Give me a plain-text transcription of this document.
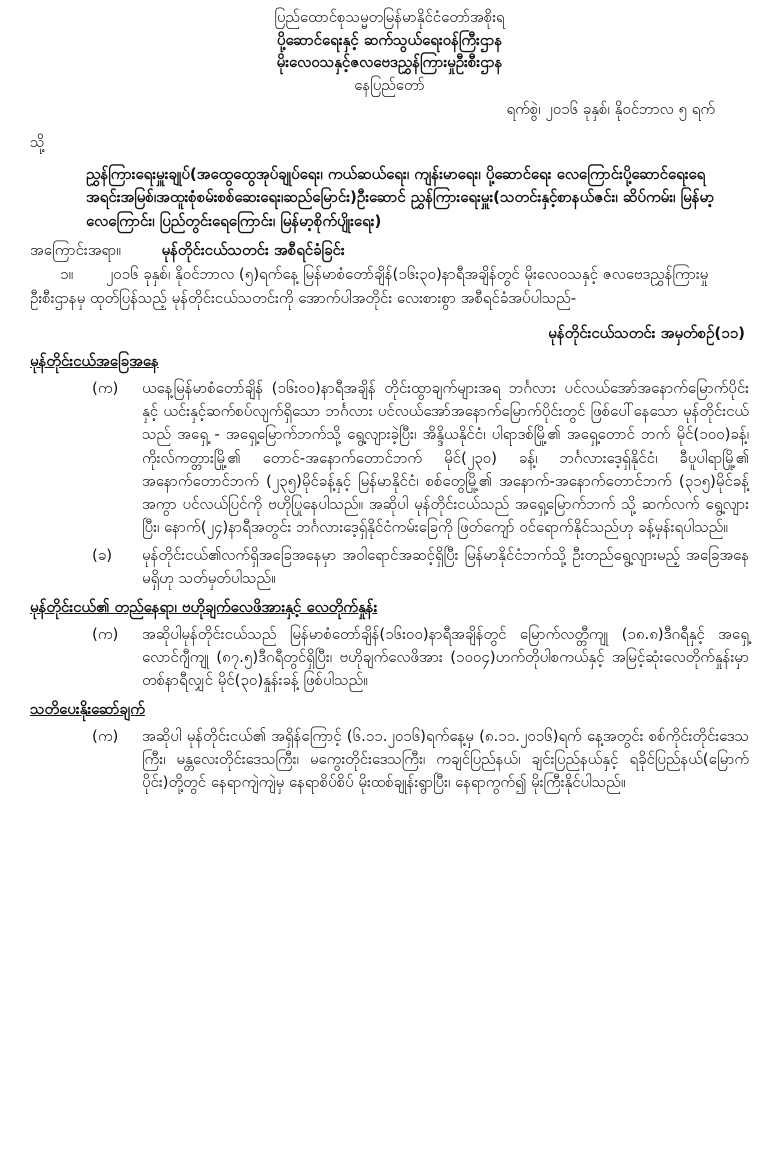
ပြည်ထောင်စုသမ္မတမြန်မာနိုင်ငံတော်အစိုးရ
ပို့ဆောင်ရေးနှင့် ဆက်သွယ်ရေးဝန်ကြီးဌာန
မိုးလေဝသနှင့်ဇလဗေဒညွှန်ကြားမှုဦးစီးဌာန
နေပြည်တော်
ရက်စွဲ၊ ၂၀၁၆ ခုနှစ်၊ နိုဝင်ဘာလ ၅ ရက်
သို့
ညွှန်ကြားရေးမှူးချုပ်(အထွေထွေအုပ်ချုပ်ရေး၊ ကယ်ဆယ်ရေး၊ ကျန်းမာရေး၊ ပို့ဆောင်ရေး လေကြောင်းပို့ဆောင်ရေးရေအရင်းအမြစ်၊အထူးစုံစမ်းစစ်ဆေးရေး၊ဆည်မြောင်း)ဦးဆောင် ညွှန်ကြားရေးမှူး(သတင်းနှင့်စာနယ်ဇင်း၊ ဆိပ်ကမ်း၊ မြန်မာ့လေကြောင်း၊ ပြည်တွင်းရေကြောင်း၊ မြန်မာ့စိုက်ပျိုးရေး)
အကြောင်းအရာ။	မုန်တိုင်းငယ်သတင်း အစီရင်ခံခြင်း
၁။ ၂၀၁၆ ခုနှစ်၊ နိုဝင်ဘာလ (၅)ရက်နေ့ မြန်မာစံတော်ချိန်(၁၆း၃၀)နာရီအချိန်တွင် မိုးလေဝသနှင့် ဇလဗေဒညွှန်ကြားမှုဦးစီးဌာနမှ ထုတ်ပြန်သည့် မုန်တိုင်းငယ်သတင်းကို အောက်ပါအတိုင်း လေးစားစွာ အစီရင်ခံအပ်ပါသည်-
မုန်တိုင်းငယ်သတင်း အမှတ်စဉ်(၁၁)
မုန်တိုင်းငယ်အခြေအနေ
(က)	ယနေ့မြန်မာစံတော်ချိန် (၁၆း၀၀)နာရီအချိန် တိုင်းထွာချက်များအရ ဘင်္ဂလား ပင်လယ်အော်အနောက်မြောက်ပိုင်းနှင့် ယင်းနှင့်ဆက်စပ်လျက်ရှိသော ဘင်္ဂလား ပင်လယ်အော်အနောက်မြောက်ပိုင်းတွင် ဖြစ်ပေါ်နေသော မုန်တိုင်းငယ်သည် အရှေ့ - အရှေ့မြောက်ဘက်သို့ ရွေ့လျားခဲ့ပြီး၊ အိန္ဒိယနိုင်ငံ၊ ပါရာဒစ်မြို့၏ အရှေ့တောင် ဘက် မိုင်(၁၀၀)ခန့်၊ ကိုးလ်ကတ္တားမြို့၏ တောင်-အနောက်တောင်ဘက် မိုင်(၂၃၀) ခန့်၊ ဘင်္ဂလားဒေ့ရှ်နိုင်ငံ၊ ခီပူပါရာမြို့၏ အနောက်တောင်ဘက် (၂၃၅)မိုင်ခန့်နှင့် မြန်မာနိုင်ငံ၊ စစ်တွေမြို့၏ အနောက်-အနောက်တောင်ဘက် (၃၁၅)မိုင်ခန့်အကွာ ပင်လယ်ပြင်ကို ဗဟိုပြုနေပါသည်။ အဆိုပါ မုန်တိုင်းငယ်သည် အရှေ့မြောက်ဘက် သို့ ဆက်လက် ရွေ့လျားပြီး၊ နောက်(၂၄)နာရီအတွင်း ဘင်္ဂလားဒေ့ရှ်နိုင်ငံကမ်းခြေကို ဖြတ်ကျော် ဝင်ရောက်နိုင်သည်ဟု ခန့်မှန်းရပါသည်။
(ခ)	မုန်တိုင်းငယ်၏လက်ရှိအခြေအနေမှာ အဝါရောင်အဆင့်ရှိပြီး မြန်မာနိုင်ငံဘက်သို့ ဦးတည်ရွေ့လျားမည့် အခြေအနေမရှိဟု သတ်မှတ်ပါသည်။
မုန်တိုင်းငယ်၏ တည်နေရာ၊ ဗဟိုချက်လေဖိအားနှင့် လေတိုက်နှုန်း
(က)	အဆိုပါမုန်တိုင်းငယ်သည် မြန်မာစံတော်ချိန်(၁၆း၀၀)နာရီအချိန်တွင် မြောက်လတ္တီကျု (၁၈.၈)ဒီဂရီနှင့် အရှေ့လောင်ဂျီကျု (၈၇.၅)ဒီဂရီတွင်ရှိပြီး၊ ဗဟိုချက်လေဖိအား (၁၀၀၄)ဟက်တိုပါစကယ်နှင့် အမြင့်ဆုံးလေတိုက်နှုန်းမှာ တစ်နာရီလျှင် မိုင်(၃၀)နှုန်းခန့် ဖြစ်ပါသည်။
သတိပေးနိုးဆော်ချက်
(က)	အဆိုပါ မုန်တိုင်းငယ်၏ အရှိန်ကြောင့် (၆.၁၁.၂၀၁၆)ရက်နေ့မှ (၈.၁၁.၂၀၁၆)ရက် နေ့အတွင်း စစ်ကိုင်းတိုင်းဒေသကြီး၊ မန္တလေးတိုင်းဒေသကြီး၊ မကွေးတိုင်းဒေသကြီး၊ ကချင်ပြည်နယ်၊ ချင်းပြည်နယ်နှင့် ရခိုင်ပြည်နယ်(မြောက်ပိုင်း)တို့တွင် နေရာကျဲကျဲမှ နေရာစိပ်စိပ် မိုးထစ်ချုန်းရွာပြီး၊ နေရာကွက်၍ မိုးကြီးနိုင်ပါသည်။
